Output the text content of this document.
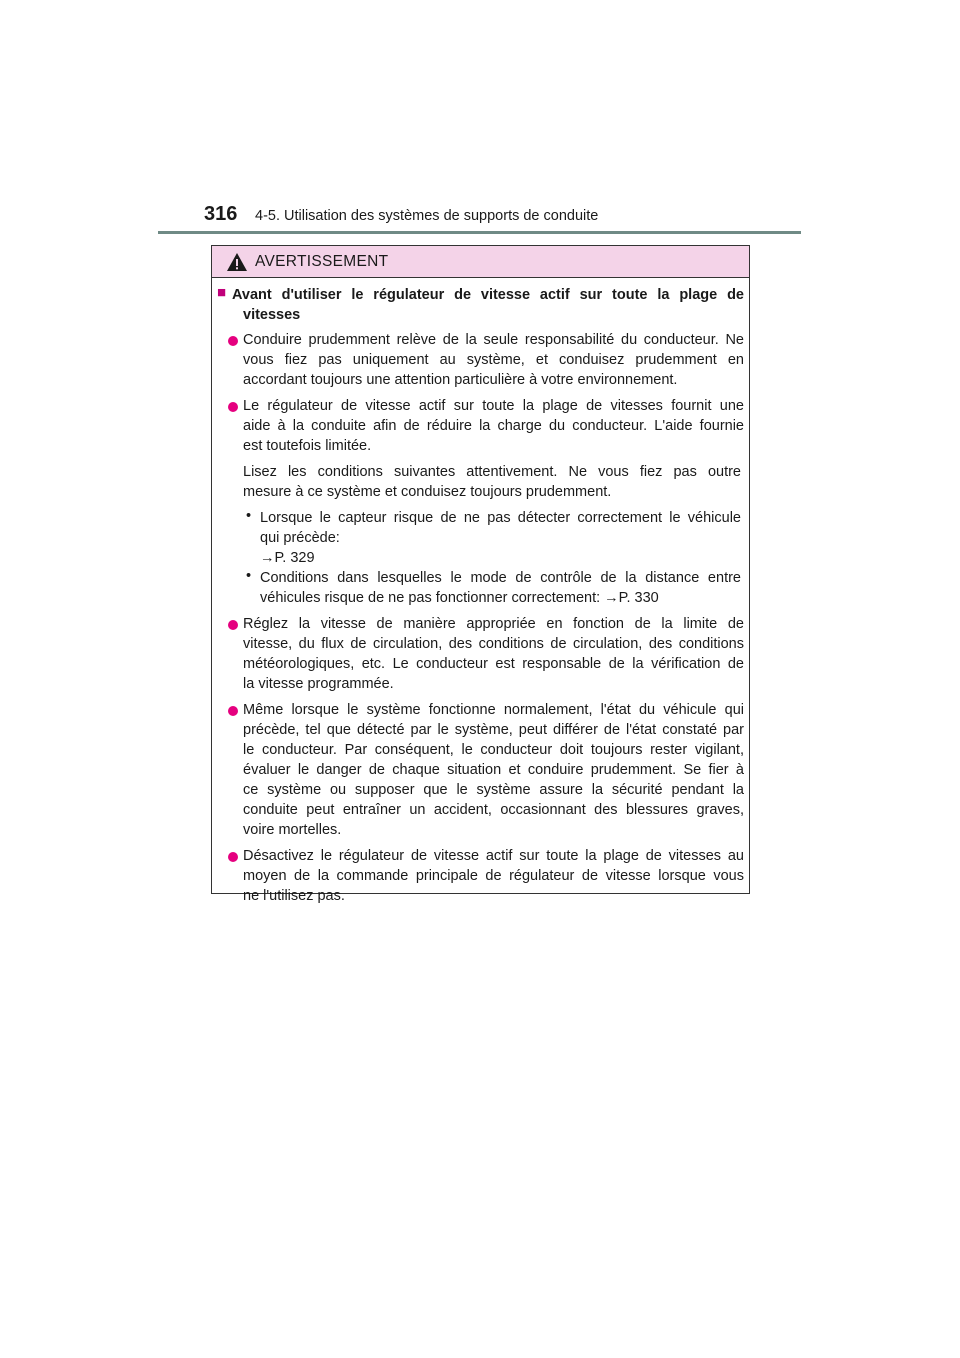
316 4-5. Utilisation des systèmes de supports de conduite
AVERTISSEMENT
■ Avant d'utiliser le régulateur de vitesse actif sur toute la plage de
vitesses
Conduire prudemment relève de la seule responsabilité du conducteur. Ne
vous fiez pas uniquement au système, et conduisez prudemment en
accordant toujours une attention particulière à votre environnement.
Le régulateur de vitesse actif sur toute la plage de vitesses fournit une
aide à la conduite afin de réduire la charge du conducteur. L'aide fournie
est toutefois limitée.
Lisez les conditions suivantes attentivement. Ne vous fiez pas outre
mesure à ce système et conduisez toujours prudemment.
• Lorsque le capteur risque de ne pas détecter correctement le véhicule
qui précède:
→P. 329
• Conditions dans lesquelles le mode de contrôle de la distance entre
véhicules risque de ne pas fonctionner correctement: →P. 330
Réglez la vitesse de manière appropriée en fonction de la limite de
vitesse, du flux de circulation, des conditions de circulation, des conditions
météorologiques, etc. Le conducteur est responsable de la vérification de
la vitesse programmée.
Même lorsque le système fonctionne normalement, l'état du véhicule qui
précède, tel que détecté par le système, peut différer de l'état constaté par
le conducteur. Par conséquent, le conducteur doit toujours rester vigilant,
évaluer le danger de chaque situation et conduire prudemment. Se fier à
ce système ou supposer que le système assure la sécurité pendant la
conduite peut entraîner un accident, occasionnant des blessures graves,
voire mortelles.
Désactivez le régulateur de vitesse actif sur toute la plage de vitesses au
moyen de la commande principale de régulateur de vitesse lorsque vous
ne l'utilisez pas.
